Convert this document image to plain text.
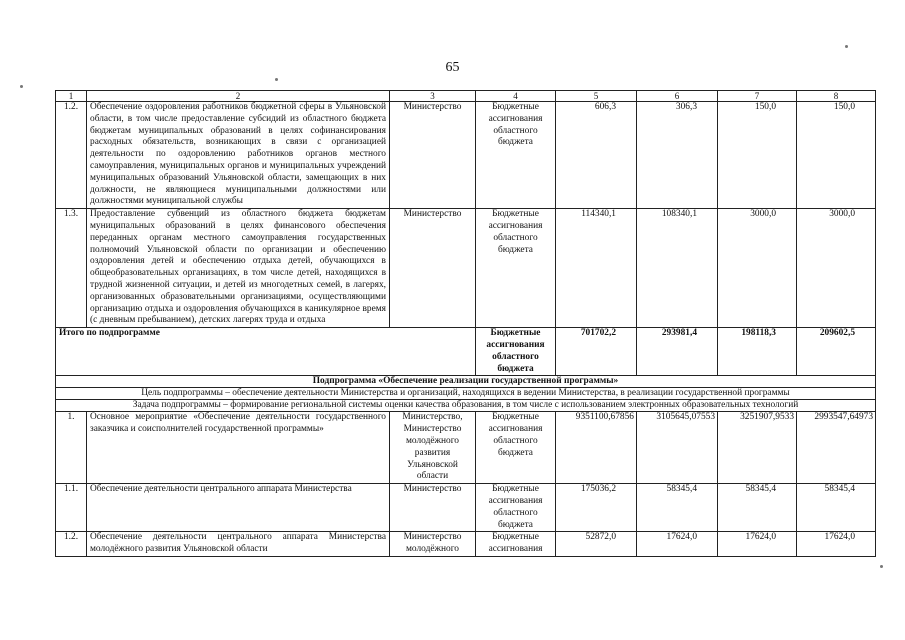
65
1	2	3	4	5	6	7	8
1.2.	Обеспечение оздоровления работников бюджетной сферы в Ульяновской области, в том числе предоставление субсидий из областного бюджета бюджетам муниципальных образований в целях софинансирования расходных обязательств, возникающих в связи с организацией деятельности по оздоровлению работников органов местного самоуправления, муниципальных органов и муниципальных учреждений муниципальных образований Ульяновской области, замещающих в них должности, не являющиеся муниципальными должностями или должностями муниципальной службы	Министерство	Бюджетные ассигнования областного бюджета	606,3	306,3	150,0	150,0
1.3.	Предоставление субвенций из областного бюджета бюджетам муниципальных образований в целях финансового обеспечения переданных органам местного самоуправления государственных полномочий Ульяновской области по организации и обеспечению оздоровления детей и обеспечению отдыха детей, обучающихся в общеобразовательных организациях, в том числе детей, находящихся в трудной жизненной ситуации, и детей из многодетных семей, в лагерях, организованных образовательными организациями, осуществляющими организацию отдыха и оздоровления обучающихся в каникулярное время (с дневным пребыванием), детских лагерях труда и отдыха	Министерство	Бюджетные ассигнования областного бюджета	114340,1	108340,1	3000,0	3000,0
Итого по подпрограмме			Бюджетные ассигнования областного бюджета	701702,2	293981,4	198118,3	209602,5
Подпрограмма «Обеспечение реализации государственной программы»							
Цель подпрограммы – обеспечение деятельности Министерства и организаций, находящихся в ведении Министерства, в реализации государственной программы							
Задача подпрограммы – формирование региональной системы оценки качества образования, в том числе с использованием электронных образовательных технологий							
1.	Основное мероприятие «Обеспечение деятельности государственного заказчика и соисполнителей государственной программы»	Министерство, Министерство молодёжного развития Ульяновской области	Бюджетные ассигнования областного бюджета	9351100,67856	3105645,07553	3251907,9533	2993547,64973
1.1.	Обеспечение деятельности центрального аппарата Министерства	Министерство	Бюджетные ассигнования областного бюджета	175036,2	58345,4	58345,4	58345,4
1.2.	Обеспечение деятельности центрального аппарата Министерства молодёжного развития Ульяновской области	Министерство молодёжного	Бюджетные ассигнования	52872,0	17624,0	17624,0	17624,0
